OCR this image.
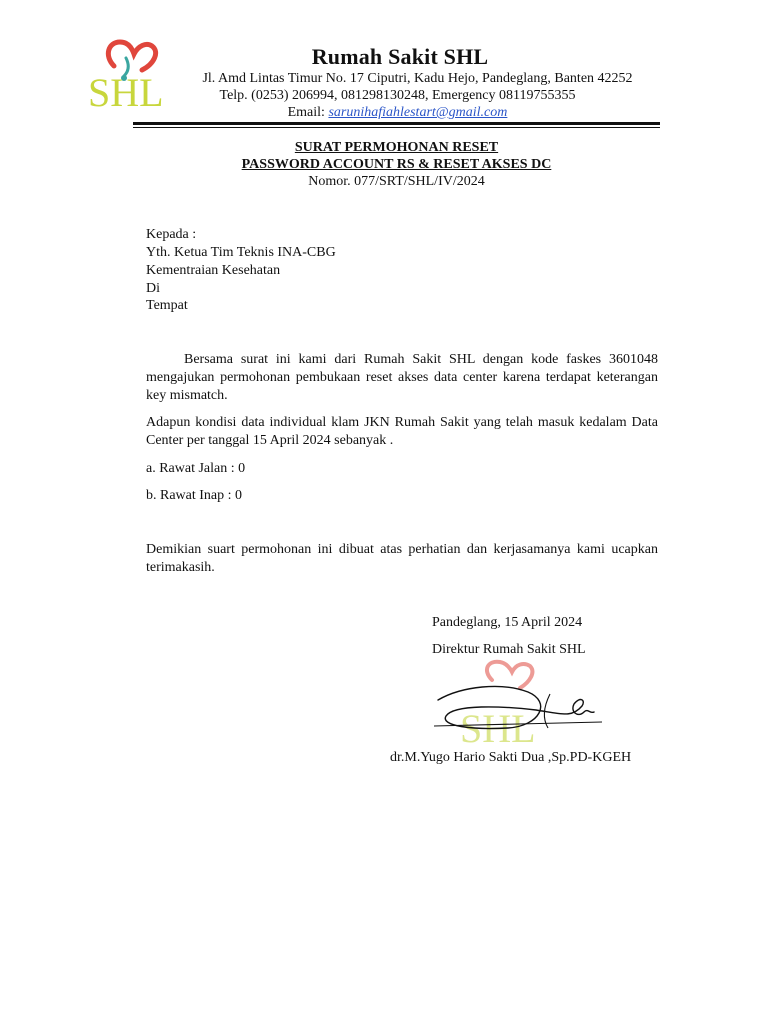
SHL
Rumah Sakit SHL
Jl. Amd Lintas Timur No. 17 Ciputri, Kadu Hejo, Pandeglang, Banten 42252
Telp. (0253) 206994, 081298130248, Emergency 08119755355
Email: sarunihafiahlestart@gmail.com
SURAT PERMOHONAN RESET
PASSWORD ACCOUNT RS & RESET AKSES DC
Nomor. 077/SRT/SHL/IV/2024
Kepada :
Yth. Ketua Tim Teknis INA-CBG
Kementraian Kesehatan
Di
Tempat
Bersama surat ini kami dari Rumah Sakit SHL dengan kode faskes 3601048 mengajukan permohonan pembukaan reset akses data center karena terdapat keterangan key mismatch.
Adapun kondisi data individual klam JKN Rumah Sakit yang telah masuk kedalam Data Center per tanggal 15 April 2024 sebanyak .
a. Rawat Jalan : 0
b. Rawat Inap : 0
Demikian suart permohonan ini dibuat atas perhatian dan kerjasamanya kami ucapkan terimakasih.
Pandeglang, 15 April 2024
Direktur Rumah Sakit SHL
SHL
dr.M.Yugo Hario Sakti Dua ,Sp.PD-KGEH
